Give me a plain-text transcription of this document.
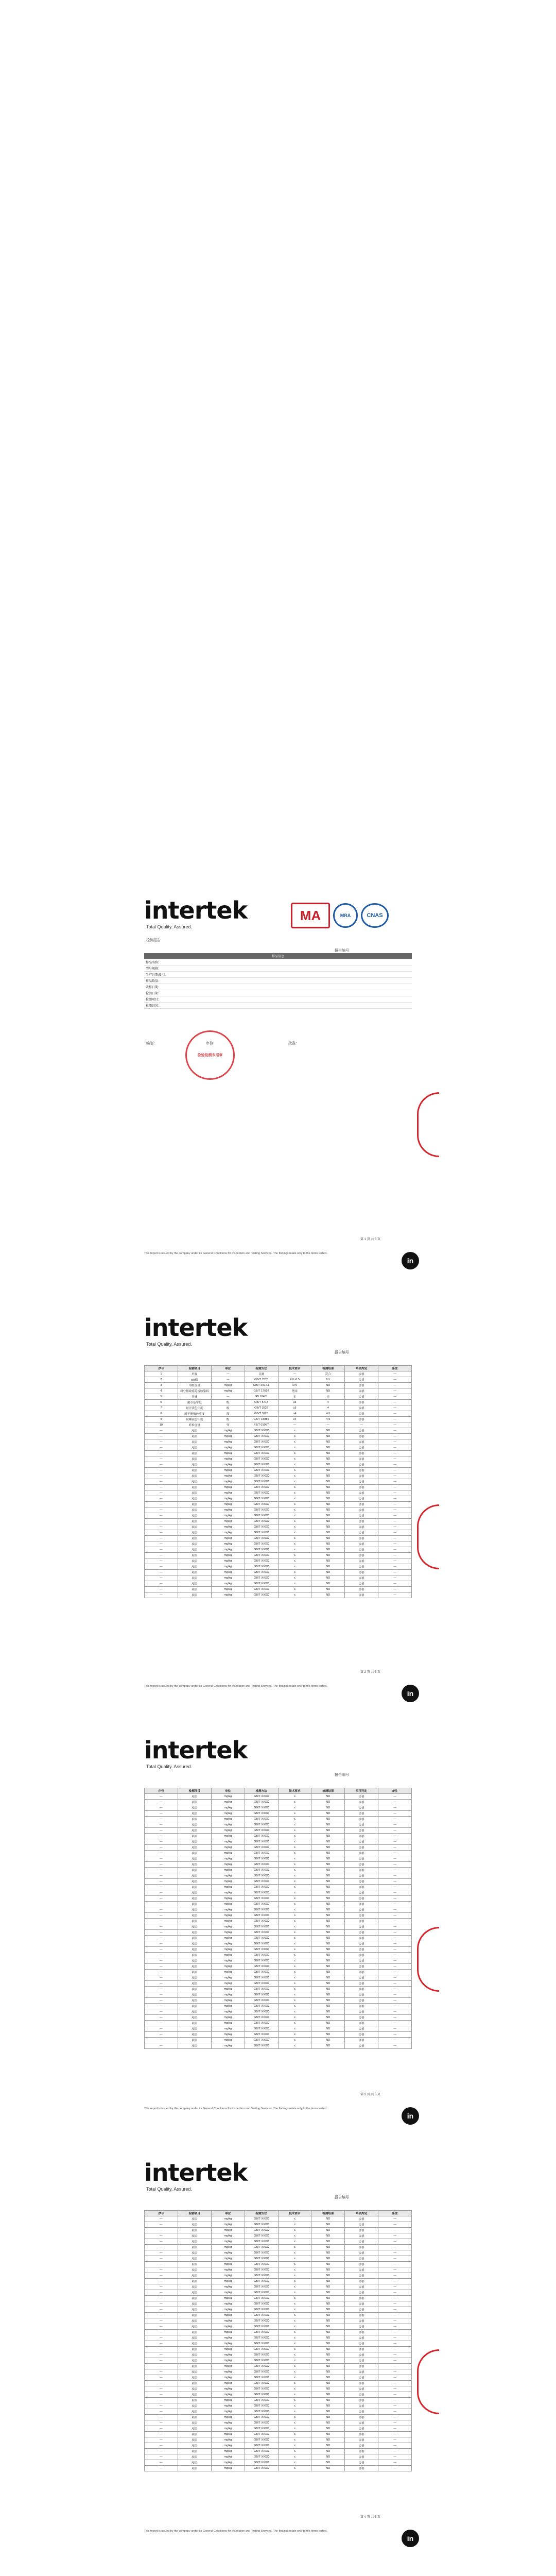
intertek
Total Quality. Assured.
MA	MRA	CNAS
检测报告
报告编号
样品信息	
样品名称：	
型号规格：	
生产日期/批号：	
样品数量：	
收样日期：	
检测日期：	
检测项目：	
检测结果：	
编制：	审核：	批准：
检验检测专用章
This report is issued by the company under its General Conditions for Inspection and Testing Services. The findings relate only to the items tested.
in
第 1 页 共 5 页
intertek
Total Quality. Assured.
报告编号
序号	检测项目	单位	检测方法	技术要求	检测结果	单项判定	备注
1	外观	—	目测	—	符合	合格	—
2	pH值	—	GB/T 7573	4.0~8.5	6.5	合格	—
3	甲醛含量	mg/kg	GB/T 2912.1	≤75	ND	合格	—
4	可分解致癌芳香胺染料	mg/kg	GB/T 17592	禁用	ND	合格	—
5	异味	—	GB 18401	无	无	合格	—
6	耐水色牢度	级	GB/T 5713	≥3	4	合格	—
7	耐汗渍色牢度	级	GB/T 3922	≥3	4	合格	—
8	耐干摩擦色牢度	级	GB/T 3920	≥4	4-5	合格	—
9	耐唾液色牢度	级	GB/T 18886	≥4	4-5	合格	—
10	纤维含量	%	FZ/T 01057	—	—	—	—
—	项目	mg/kg	GB/T XXXX	≤	ND	合格	—
—	项目	mg/kg	GB/T XXXX	≤	ND	合格	—
—	项目	mg/kg	GB/T XXXX	≤	ND	合格	—
—	项目	mg/kg	GB/T XXXX	≤	ND	合格	—
—	项目	mg/kg	GB/T XXXX	≤	ND	合格	—
—	项目	mg/kg	GB/T XXXX	≤	ND	合格	—
—	项目	mg/kg	GB/T XXXX	≤	ND	合格	—
—	项目	mg/kg	GB/T XXXX	≤	ND	合格	—
—	项目	mg/kg	GB/T XXXX	≤	ND	合格	—
—	项目	mg/kg	GB/T XXXX	≤	ND	合格	—
—	项目	mg/kg	GB/T XXXX	≤	ND	合格	—
—	项目	mg/kg	GB/T XXXX	≤	ND	合格	—
—	项目	mg/kg	GB/T XXXX	≤	ND	合格	—
—	项目	mg/kg	GB/T XXXX	≤	ND	合格	—
—	项目	mg/kg	GB/T XXXX	≤	ND	合格	—
—	项目	mg/kg	GB/T XXXX	≤	ND	合格	—
—	项目	mg/kg	GB/T XXXX	≤	ND	合格	—
—	项目	mg/kg	GB/T XXXX	≤	ND	合格	—
—	项目	mg/kg	GB/T XXXX	≤	ND	合格	—
—	项目	mg/kg	GB/T XXXX	≤	ND	合格	—
—	项目	mg/kg	GB/T XXXX	≤	ND	合格	—
—	项目	mg/kg	GB/T XXXX	≤	ND	合格	—
—	项目	mg/kg	GB/T XXXX	≤	ND	合格	—
—	项目	mg/kg	GB/T XXXX	≤	ND	合格	—
—	项目	mg/kg	GB/T XXXX	≤	ND	合格	—
—	项目	mg/kg	GB/T XXXX	≤	ND	合格	—
—	项目	mg/kg	GB/T XXXX	≤	ND	合格	—
—	项目	mg/kg	GB/T XXXX	≤	ND	合格	—
—	项目	mg/kg	GB/T XXXX	≤	ND	合格	—
—	项目	mg/kg	GB/T XXXX	≤	ND	合格	—
This report is issued by the company under its General Conditions for Inspection and Testing Services. The findings relate only to the items tested.
in
第 2 页 共 5 页
intertek
Total Quality. Assured.
报告编号
序号	检测项目	单位	检测方法	技术要求	检测结果	单项判定	备注
—	项目	mg/kg	GB/T XXXX	≤	ND	合格	—
—	项目	mg/kg	GB/T XXXX	≤	ND	合格	—
—	项目	mg/kg	GB/T XXXX	≤	ND	合格	—
—	项目	mg/kg	GB/T XXXX	≤	ND	合格	—
—	项目	mg/kg	GB/T XXXX	≤	ND	合格	—
—	项目	mg/kg	GB/T XXXX	≤	ND	合格	—
—	项目	mg/kg	GB/T XXXX	≤	ND	合格	—
—	项目	mg/kg	GB/T XXXX	≤	ND	合格	—
—	项目	mg/kg	GB/T XXXX	≤	ND	合格	—
—	项目	mg/kg	GB/T XXXX	≤	ND	合格	—
—	项目	mg/kg	GB/T XXXX	≤	ND	合格	—
—	项目	mg/kg	GB/T XXXX	≤	ND	合格	—
—	项目	mg/kg	GB/T XXXX	≤	ND	合格	—
—	项目	mg/kg	GB/T XXXX	≤	ND	合格	—
—	项目	mg/kg	GB/T XXXX	≤	ND	合格	—
—	项目	mg/kg	GB/T XXXX	≤	ND	合格	—
—	项目	mg/kg	GB/T XXXX	≤	ND	合格	—
—	项目	mg/kg	GB/T XXXX	≤	ND	合格	—
—	项目	mg/kg	GB/T XXXX	≤	ND	合格	—
—	项目	mg/kg	GB/T XXXX	≤	ND	合格	—
—	项目	mg/kg	GB/T XXXX	≤	ND	合格	—
—	项目	mg/kg	GB/T XXXX	≤	ND	合格	—
—	项目	mg/kg	GB/T XXXX	≤	ND	合格	—
—	项目	mg/kg	GB/T XXXX	≤	ND	合格	—
—	项目	mg/kg	GB/T XXXX	≤	ND	合格	—
—	项目	mg/kg	GB/T XXXX	≤	ND	合格	—
—	项目	mg/kg	GB/T XXXX	≤	ND	合格	—
—	项目	mg/kg	GB/T XXXX	≤	ND	合格	—
—	项目	mg/kg	GB/T XXXX	≤	ND	合格	—
—	项目	mg/kg	GB/T XXXX	≤	ND	合格	—
—	项目	mg/kg	GB/T XXXX	≤	ND	合格	—
—	项目	mg/kg	GB/T XXXX	≤	ND	合格	—
—	项目	mg/kg	GB/T XXXX	≤	ND	合格	—
—	项目	mg/kg	GB/T XXXX	≤	ND	合格	—
—	项目	mg/kg	GB/T XXXX	≤	ND	合格	—
—	项目	mg/kg	GB/T XXXX	≤	ND	合格	—
—	项目	mg/kg	GB/T XXXX	≤	ND	合格	—
—	项目	mg/kg	GB/T XXXX	≤	ND	合格	—
—	项目	mg/kg	GB/T XXXX	≤	ND	合格	—
—	项目	mg/kg	GB/T XXXX	≤	ND	合格	—
—	项目	mg/kg	GB/T XXXX	≤	ND	合格	—
—	项目	mg/kg	GB/T XXXX	≤	ND	合格	—
—	项目	mg/kg	GB/T XXXX	≤	ND	合格	—
—	项目	mg/kg	GB/T XXXX	≤	ND	合格	—
—	项目	mg/kg	GB/T XXXX	≤	ND	合格	—
This report is issued by the company under its General Conditions for Inspection and Testing Services. The findings relate only to the items tested.
in
第 3 页 共 5 页
intertek
Total Quality. Assured.
报告编号
序号	检测项目	单位	检测方法	技术要求	检测结果	单项判定	备注
—	项目	mg/kg	GB/T XXXX	≤	ND	合格	—
—	项目	mg/kg	GB/T XXXX	≤	ND	合格	—
—	项目	mg/kg	GB/T XXXX	≤	ND	合格	—
—	项目	mg/kg	GB/T XXXX	≤	ND	合格	—
—	项目	mg/kg	GB/T XXXX	≤	ND	合格	—
—	项目	mg/kg	GB/T XXXX	≤	ND	合格	—
—	项目	mg/kg	GB/T XXXX	≤	ND	合格	—
—	项目	mg/kg	GB/T XXXX	≤	ND	合格	—
—	项目	mg/kg	GB/T XXXX	≤	ND	合格	—
—	项目	mg/kg	GB/T XXXX	≤	ND	合格	—
—	项目	mg/kg	GB/T XXXX	≤	ND	合格	—
—	项目	mg/kg	GB/T XXXX	≤	ND	合格	—
—	项目	mg/kg	GB/T XXXX	≤	ND	合格	—
—	项目	mg/kg	GB/T XXXX	≤	ND	合格	—
—	项目	mg/kg	GB/T XXXX	≤	ND	合格	—
—	项目	mg/kg	GB/T XXXX	≤	ND	合格	—
—	项目	mg/kg	GB/T XXXX	≤	ND	合格	—
—	项目	mg/kg	GB/T XXXX	≤	ND	合格	—
—	项目	mg/kg	GB/T XXXX	≤	ND	合格	—
—	项目	mg/kg	GB/T XXXX	≤	ND	合格	—
—	项目	mg/kg	GB/T XXXX	≤	ND	合格	—
—	项目	mg/kg	GB/T XXXX	≤	ND	合格	—
—	项目	mg/kg	GB/T XXXX	≤	ND	合格	—
—	项目	mg/kg	GB/T XXXX	≤	ND	合格	—
—	项目	mg/kg	GB/T XXXX	≤	ND	合格	—
—	项目	mg/kg	GB/T XXXX	≤	ND	合格	—
—	项目	mg/kg	GB/T XXXX	≤	ND	合格	—
—	项目	mg/kg	GB/T XXXX	≤	ND	合格	—
—	项目	mg/kg	GB/T XXXX	≤	ND	合格	—
—	项目	mg/kg	GB/T XXXX	≤	ND	合格	—
—	项目	mg/kg	GB/T XXXX	≤	ND	合格	—
—	项目	mg/kg	GB/T XXXX	≤	ND	合格	—
—	项目	mg/kg	GB/T XXXX	≤	ND	合格	—
—	项目	mg/kg	GB/T XXXX	≤	ND	合格	—
—	项目	mg/kg	GB/T XXXX	≤	ND	合格	—
—	项目	mg/kg	GB/T XXXX	≤	ND	合格	—
—	项目	mg/kg	GB/T XXXX	≤	ND	合格	—
—	项目	mg/kg	GB/T XXXX	≤	ND	合格	—
—	项目	mg/kg	GB/T XXXX	≤	ND	合格	—
—	项目	mg/kg	GB/T XXXX	≤	ND	合格	—
—	项目	mg/kg	GB/T XXXX	≤	ND	合格	—
—	项目	mg/kg	GB/T XXXX	≤	ND	合格	—
—	项目	mg/kg	GB/T XXXX	≤	ND	合格	—
—	项目	mg/kg	GB/T XXXX	≤	ND	合格	—
—	项目	mg/kg	GB/T XXXX	≤	ND	合格	—
This report is issued by the company under its General Conditions for Inspection and Testing Services. The findings relate only to the items tested.
in
第 4 页 共 5 页
